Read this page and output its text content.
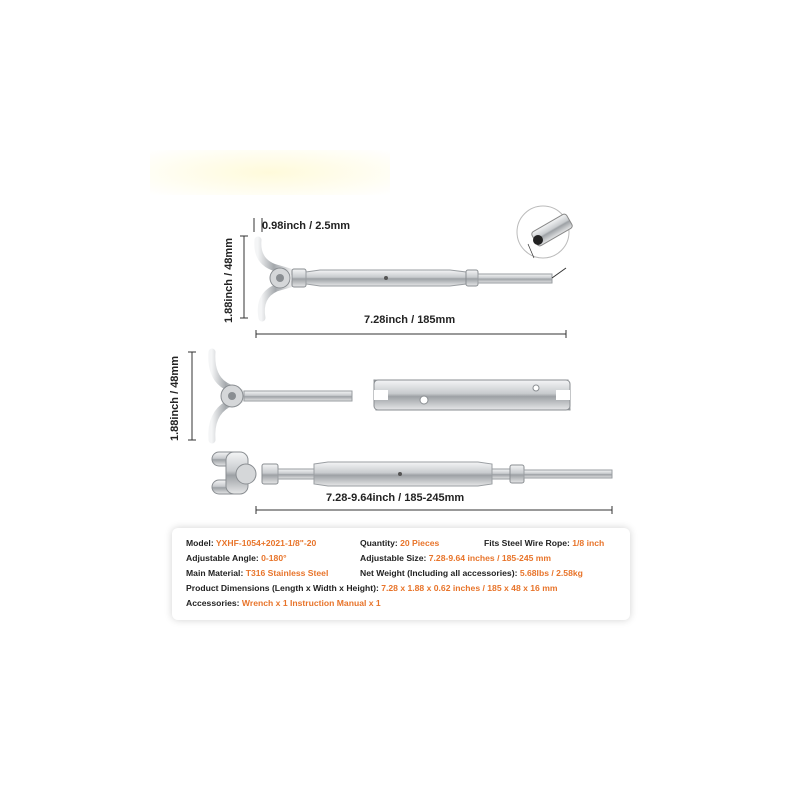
0.98inch / 2.5mm
1.88inch / 48mm	7.28inch / 185mm
1.88inch / 48mm
7.28-9.64inch / 185-245mm
Model: YXHF-1054+2021-1/8"-20	Quantity: 20 Pieces	Fits Steel Wire Rope: 1/8 inch
Adjustable Angle: 0-180°	Adjustable Size: 7.28-9.64 inches / 185-245 mm
Main Material: T316 Stainless Steel	Net Weight (Including all accessories): 5.68lbs / 2.58kg
Product Dimensions (Length x Width x Height): 7.28 x 1.88 x 0.62 inches / 185 x 48 x 16 mm
Accessories: Wrench x 1 Instruction Manual x 1
